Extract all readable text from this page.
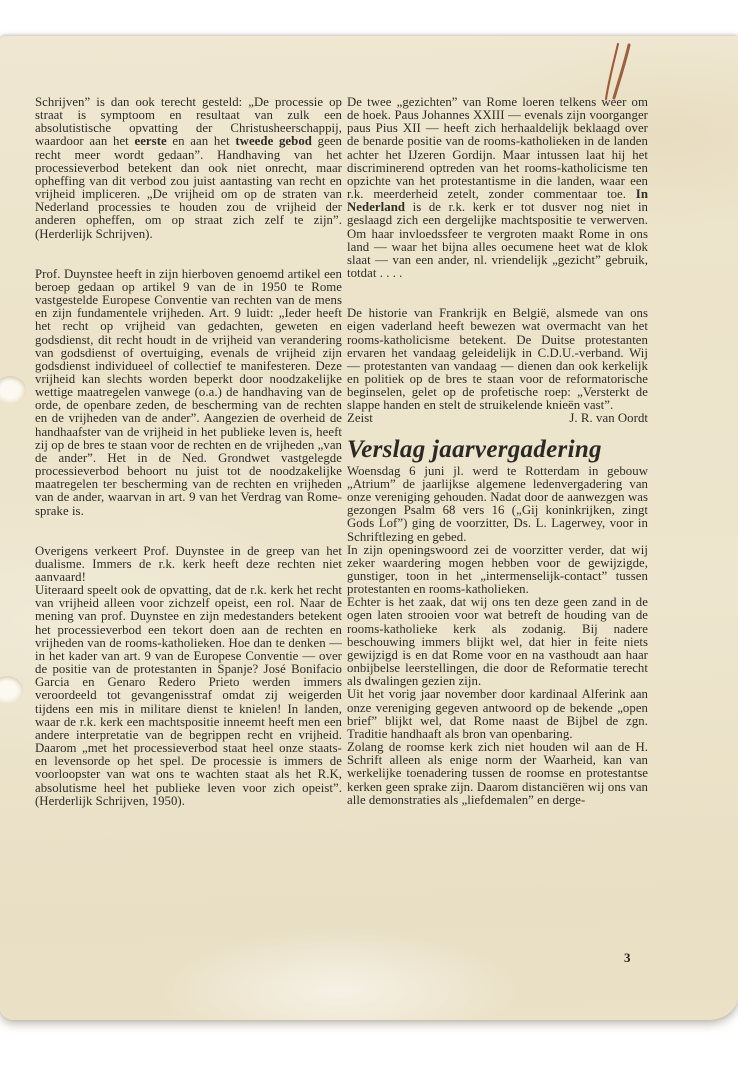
Schrijven” is dan ook terecht gesteld: „De processie op straat is symptoom en resultaat van zulk een absolutistische opvatting der Christusheerschappij, waardoor aan het eerste en aan het tweede gebod geen recht meer wordt gedaan”. Handhaving van het processieverbod betekent dan ook niet onrecht, maar opheffing van dit verbod zou juist aantasting van recht en vrijheid impliceren. „De vrijheid om op de straten van Nederland processies te houden zou de vrijheid der anderen opheffen, om op straat zich zelf te zijn”. (Herderlijk Schrijven).

Prof. Duynstee heeft in zijn hierboven genoemd artikel een beroep gedaan op artikel 9 van de in 1950 te Rome vastgestelde Europese Conventie van rechten van de mens en zijn fundamentele vrijheden. Art. 9 luidt: „Ieder heeft het recht op vrijheid van gedachten, geweten en godsdienst, dit recht houdt in de vrijheid van verandering van godsdienst of overtuiging, evenals de vrijheid zijn godsdienst individueel of collectief te manifesteren. Deze vrijheid kan slechts worden beperkt door noodzakelijke wettige maatregelen vanwege (o.a.) de handhaving van de orde, de openbare zeden, de bescherming van de rechten en de vrijheden van de ander”. Aangezien de overheid de handhaafster van de vrijheid in het publieke leven is, heeft zij op de bres te staan voor de rechten en de vrijheden „van de ander”. Het in de Ned. Grondwet vastgelegde processieverbod behoort nu juist tot de noodzakelijke maatregelen ter bescherming van de rechten en vrijheden van de ander, waarvan in art. 9 van het Verdrag van Rome-sprake is.

Overigens verkeert Prof. Duynstee in de greep van het dualisme. Immers de r.k. kerk heeft deze rechten niet aanvaard!

Uiteraard speelt ook de opvatting, dat de r.k. kerk het recht van vrijheid alleen voor zichzelf opeist, een rol. Naar de mening van prof. Duynstee en zijn medestanders betekent het processieverbod een tekort doen aan de rechten en vrijheden van de rooms-katholieken. Hoe dan te denken — in het kader van art. 9 van de Europese Conventie — over de positie van de protestanten in Spanje? José Bonifacio Garcia en Genaro Redero Prieto werden immers veroordeeld tot gevangenisstraf omdat zij weigerden tijdens een mis in militare dienst te knielen! In landen, waar de r.k. kerk een machtspositie inneemt heeft men een andere interpretatie van de begrippen recht en vrijheid. Daarom „met het processieverbod staat heel onze staats- en levensorde op het spel. De processie is immers de voorloopster van wat ons te wachten staat als het R.K, absolutisme heel het publieke leven voor zich opeist”. (Herderlijk Schrijven, 1950).

De twee „gezichten” van Rome loeren telkens weer om de hoek. Paus Johannes XXIII — evenals zijn voorganger paus Pius XII — heeft zich herhaaldelijk beklaagd over de benarde positie van de rooms-katholieken in de landen achter het IJzeren Gordijn. Maar intussen laat hij het discriminerend optreden van het rooms-katholicisme ten opzichte van het protestantisme in die landen, waar een r.k. meerderheid zetelt, zonder commentaar toe. In Nederland is de r.k. kerk er tot dusver nog niet in geslaagd zich een dergelijke machtspositie te verwerven. Om haar invloedssfeer te vergroten maakt Rome in ons land — waar het bijna alles oecumene heet wat de klok slaat — van een ander, nl. vriendelijk „gezicht” gebruik, totdat . . . .

De historie van Frankrijk en België, alsmede van ons eigen vaderland heeft bewezen wat overmacht van het rooms-katholicisme betekent. De Duitse protestanten ervaren het vandaag geleidelijk in C.D.U.-verband. Wij — protestanten van vandaag — dienen dan ook kerkelijk en politiek op de bres te staan voor de reformatorische beginselen, gelet op de profetische roep: „Versterkt de slappe handen en stelt de struikelende knieën vast”.

Zeist	J. R. van Oordt
Verslag jaarvergadering

Woensdag 6 juni jl. werd te Rotterdam in gebouw „Atrium” de jaarlijkse algemene ledenvergadering van onze vereniging gehouden. Nadat door de aanwezgen was gezongen Psalm 68 vers 16 („Gij koninkrijken, zingt Gods Lof”) ging de voorzitter, Ds. L. Lagerwey, voor in Schriftlezing en gebed.

In zijn openingswoord zei de voorzitter verder, dat wij zeker waardering mogen hebben voor de gewijzigde, gunstiger, toon in het „intermenselijk-contact” tussen protestanten en rooms-katholieken.

Echter is het zaak, dat wij ons ten deze geen zand in de ogen laten strooien voor wat betreft de houding van de rooms-katholieke kerk als zodanig. Bij nadere beschouwing immers blijkt wel, dat hier in feite niets gewijzigd is en dat Rome voor en na vasthoudt aan haar onbijbelse leerstellingen, die door de Reformatie terecht als dwalingen gezien zijn.

Uit het vorig jaar november door kardinaal Alferink aan onze vereniging gegeven antwoord op de bekende „open brief” blijkt wel, dat Rome naast de Bijbel de zgn. Traditie handhaaft als bron van openbaring.

Zolang de roomse kerk zich niet houden wil aan de H. Schrift alleen als enige norm der Waarheid, kan van werkelijke toenadering tussen de roomse en protestantse kerken geen sprake zijn. Daarom distanciëren wij ons van alle demonstraties als „liefdemalen” en derge-

3
